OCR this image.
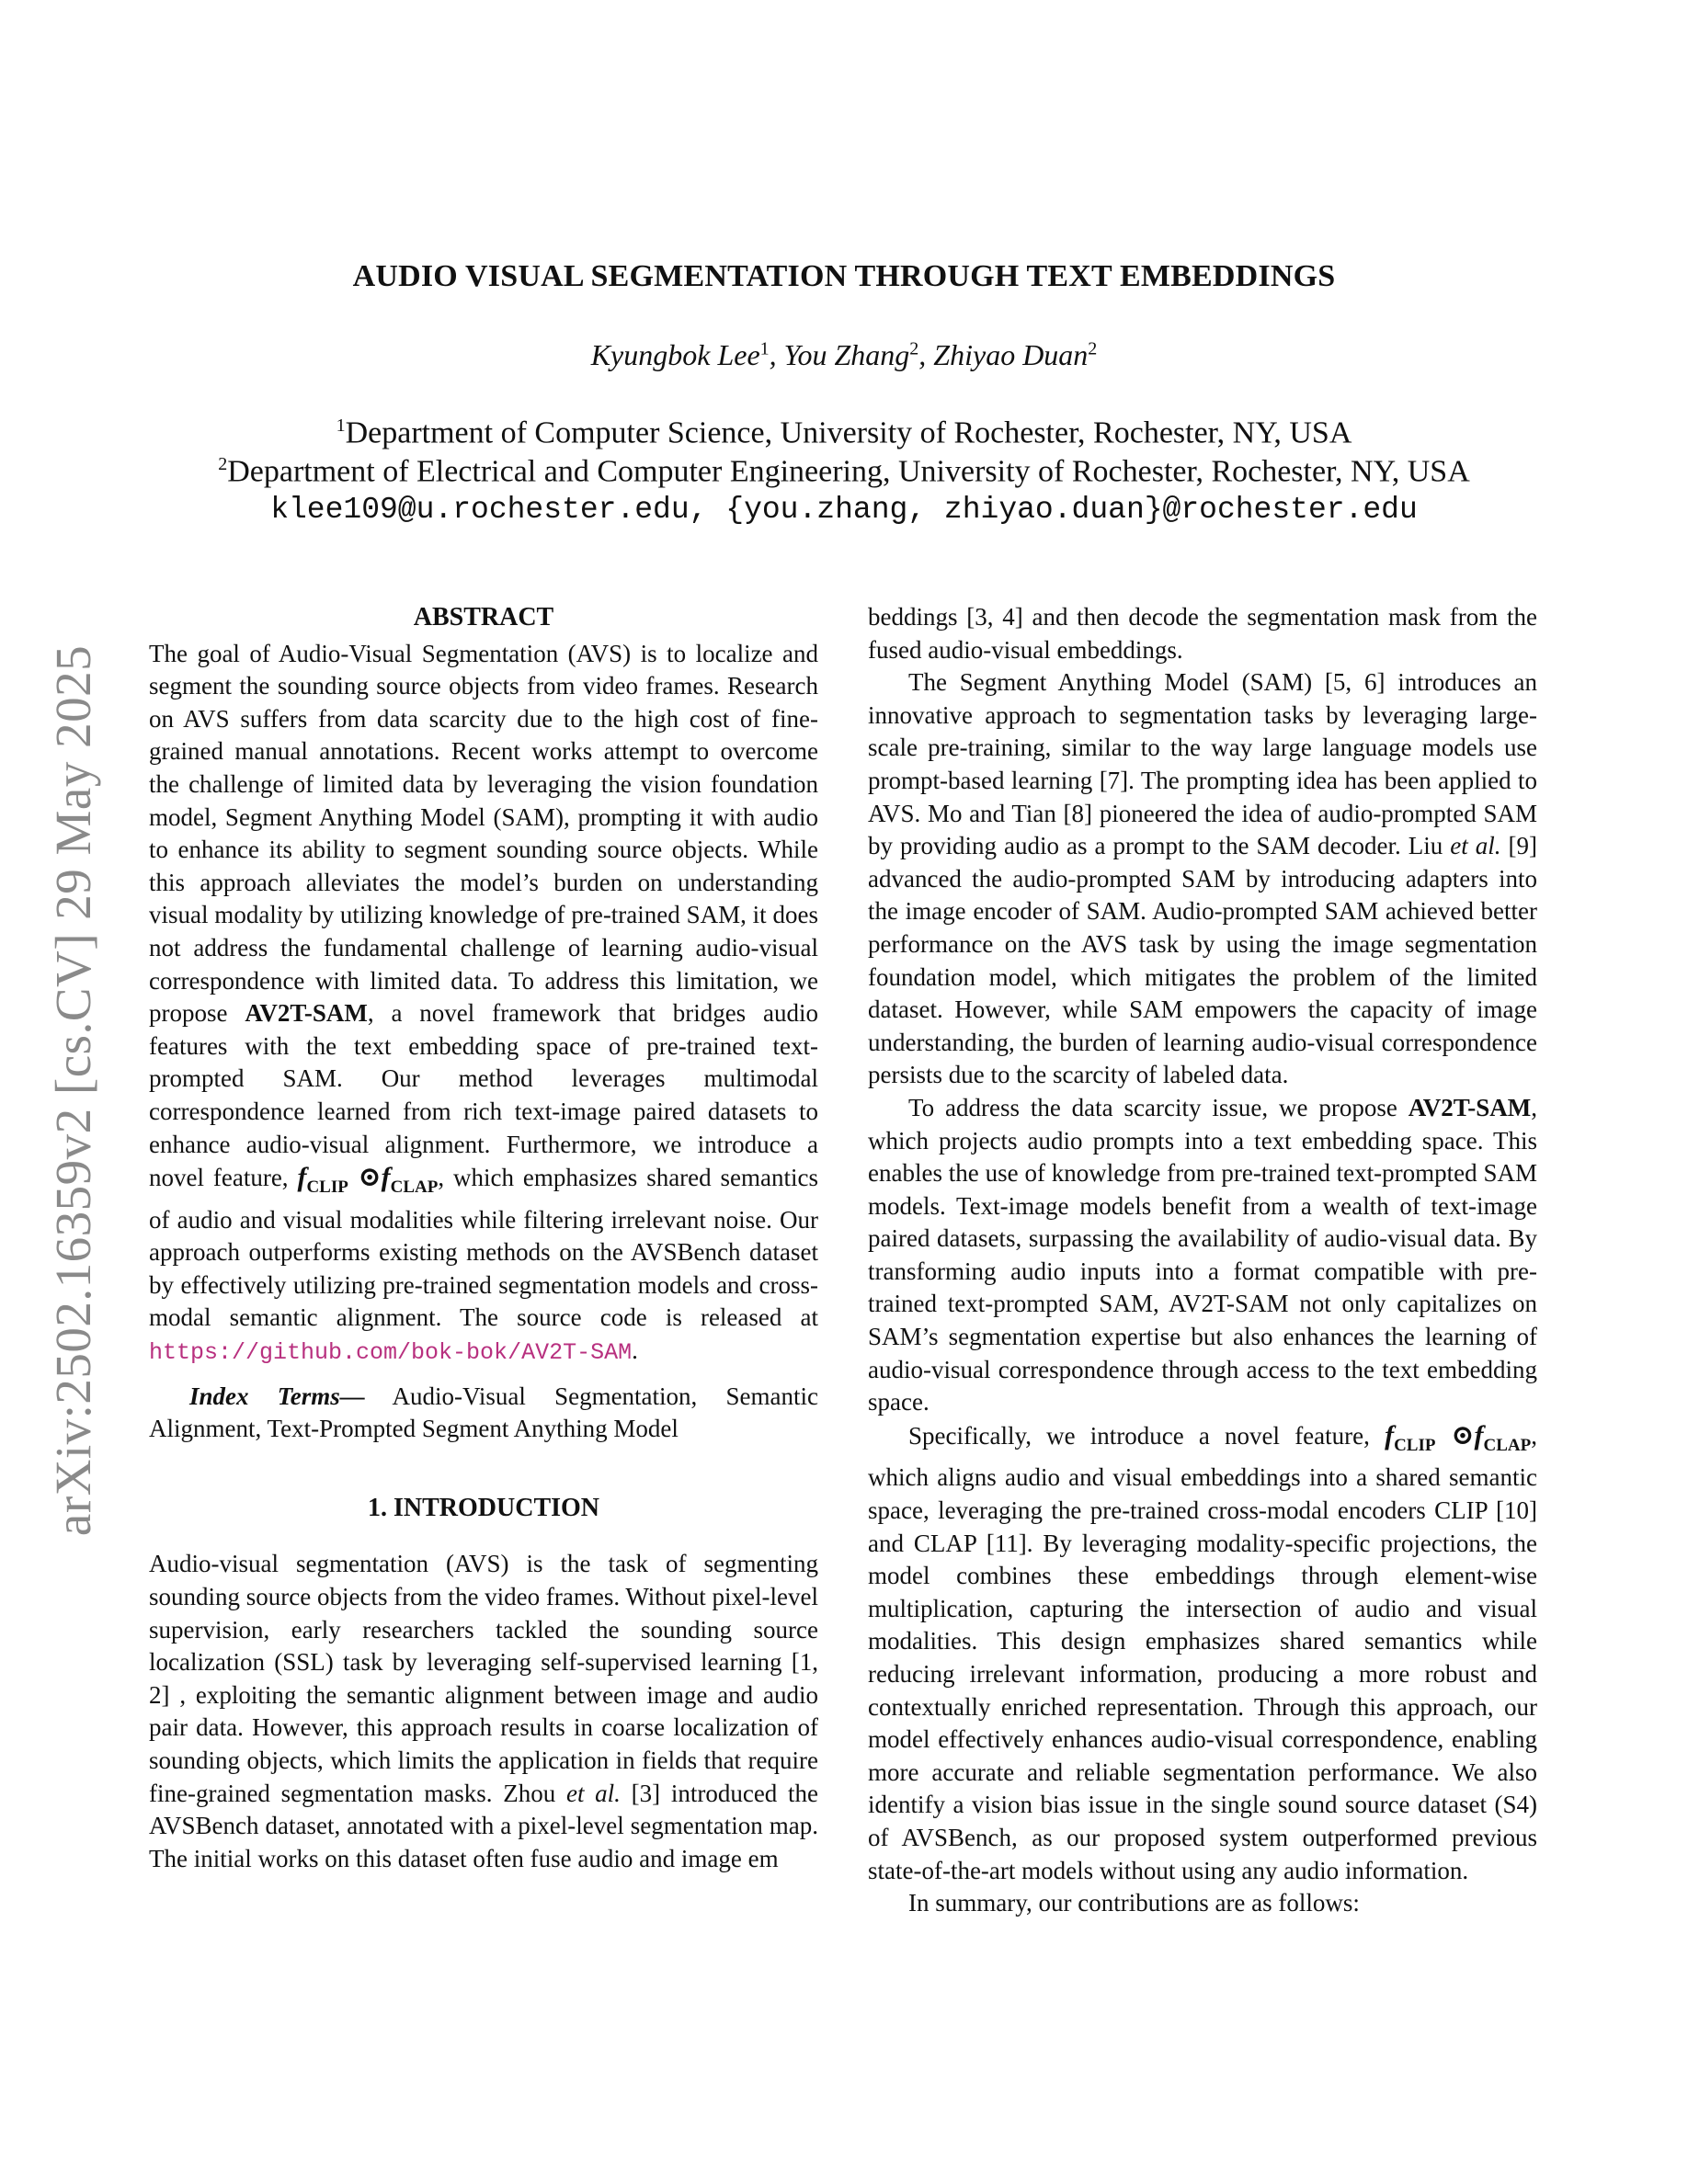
arXiv:2502.16359v2 [cs.CV] 29 May 2025
AUDIO VISUAL SEGMENTATION THROUGH TEXT EMBEDDINGS

Kyungbok Lee$^1$, You Zhang$^2$, Zhiyao Duan$^2$

$^1$Department of Computer Science, University of Rochester, Rochester, NY, USA

$^2$Department of Electrical and Computer Engineering, University of Rochester, Rochester, NY, USA

klee109@u.rochester.edu, {you.zhang, zhiyao.duan}@rochester.edu

ABSTRACT

The goal of Audio-Visual Segmentation (AVS) is to localize and segment the sounding source objects from video frames. Research on AVS suffers from data scarcity due to the high cost of fine-grained manual annotations. Recent works attempt to overcome the challenge of limited data by leveraging the vision foundation model, Segment Anything Model (SAM), prompting it with audio to enhance its ability to segment sounding source objects. While this approach alleviates the model’s burden on understanding visual modality by utilizing knowledge of pre-trained SAM, it does not address the fundamental challenge of learning audio-visual correspondence with limited data. To address this limitation, we propose AV2T-SAM, a novel framework that bridges audio features with the text embedding space of pre-trained text-prompted SAM. Our method leverages multimodal correspondence learned from rich text-image paired datasets to enhance audio-visual alignment. Furthermore, we introduce a novel feature, $f_{CLIP}$ $⊙f_{CLAP}$, which emphasizes shared semantics of audio and visual modalities while filtering irrelevant noise. Our approach outperforms existing methods on the AVSBench dataset by effectively utilizing pre-trained segmentation models and cross-modal semantic alignment. The source code is released at https://github.com/bok-bok/AV2T-SAM.

Index Terms— Audio-Visual Segmentation, Semantic Alignment, Text-Prompted Segment Anything Model

1. INTRODUCTION

Audio-visual segmentation (AVS) is the task of segmenting sounding source objects from the video frames. Without pixel-level supervision, early researchers tackled the sounding source localization (SSL) task by leveraging self-supervised learning [1, 2] , exploiting the semantic alignment between image and audio pair data. However, this approach results in coarse localization of sounding objects, which limits the application in fields that require fine-grained segmentation masks. Zhou et al. [3] introduced the AVSBench dataset, annotated with a pixel-level segmentation map. The initial works on this dataset often fuse audio and image em

beddings [3, 4] and then decode the segmentation mask from the fused audio-visual embeddings.

The Segment Anything Model (SAM) [5, 6] introduces an innovative approach to segmentation tasks by leveraging large-scale pre-training, similar to the way large language models use prompt-based learning [7]. The prompting idea has been applied to AVS. Mo and Tian [8] pioneered the idea of audio-prompted SAM by providing audio as a prompt to the SAM decoder. Liu et al. [9] advanced the audio-prompted SAM by introducing adapters into the image encoder of SAM. Audio-prompted SAM achieved better performance on the AVS task by using the image segmentation foundation model, which mitigates the problem of the limited dataset. However, while SAM empowers the capacity of image understanding, the burden of learning audio-visual correspondence persists due to the scarcity of labeled data.

To address the data scarcity issue, we propose AV2T-SAM, which projects audio prompts into a text embedding space. This enables the use of knowledge from pre-trained text-prompted SAM models. Text-image models benefit from a wealth of text-image paired datasets, surpassing the availability of audio-visual data. By transforming audio inputs into a format compatible with pre-trained text-prompted SAM, AV2T-SAM not only capitalizes on SAM’s segmentation expertise but also enhances the learning of audio-visual correspondence through access to the text embedding space.

Specifically, we introduce a novel feature, $f_{CLIP}$ $⊙f_{CLAP}$, which aligns audio and visual embeddings into a shared semantic space, leveraging the pre-trained cross-modal encoders CLIP [10] and CLAP [11]. By leveraging modality-specific projections, the model combines these embeddings through element-wise multiplication, capturing the intersection of audio and visual modalities. This design emphasizes shared semantics while reducing irrelevant information, producing a more robust and contextually enriched representation. Through this approach, our model effectively enhances audio-visual correspondence, enabling more accurate and reliable segmentation performance. We also identify a vision bias issue in the single sound source dataset (S4) of AVSBench, as our proposed system outperformed previous state-of-the-art models without using any audio information.

In summary, our contributions are as follows:
